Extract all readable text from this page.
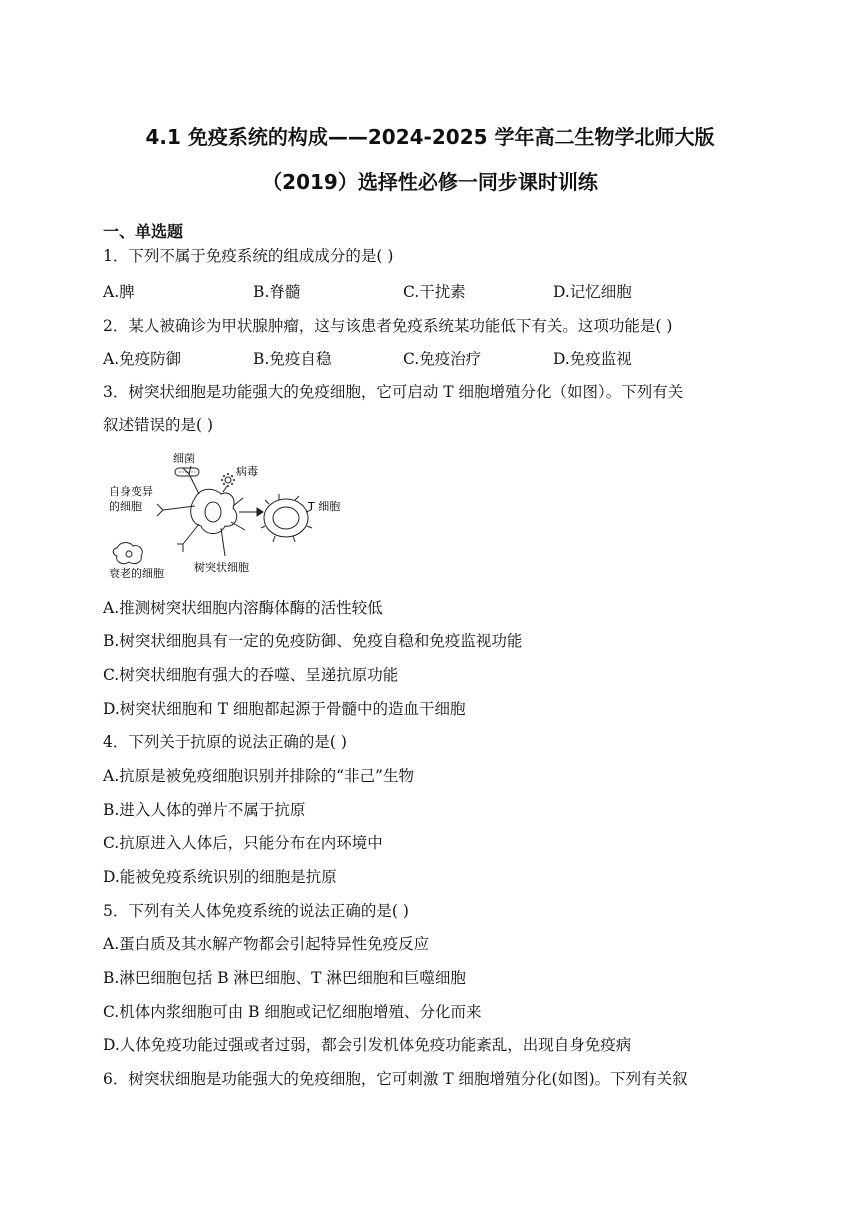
4.1 免疫系统的构成——2024-2025 学年高二生物学北师大版
（2019）选择性必修一同步课时训练
一、单选题
1．下列不属于免疫系统的组成成分的是( )
A.脾	B.脊髓	C.干扰素	D.记忆细胞
2．某人被确诊为甲状腺肿瘤，这与该患者免疫系统某功能低下有关。这项功能是( )
A.免疫防御	B.免疫自稳	C.免疫治疗	D.免疫监视
3．树突状细胞是功能强大的免疫细胞，它可启动 T 细胞增殖分化（如图）。下列有关
叙述错误的是( )
细菌
病毒
自身变异
的细胞	T 细胞
衰老的细胞	树突状细胞
A.推测树突状细胞内溶酶体酶的活性较低
B.树突状细胞具有一定的免疫防御、免疫自稳和免疫监视功能
C.树突状细胞有强大的吞噬、呈递抗原功能
D.树突状细胞和 T 细胞都起源于骨髓中的造血干细胞
4．下列关于抗原的说法正确的是( )
A.抗原是被免疫细胞识别并排除的“非己”生物
B.进入人体的弹片不属于抗原
C.抗原进入人体后，只能分布在内环境中
D.能被免疫系统识别的细胞是抗原
5．下列有关人体免疫系统的说法正确的是( )
A.蛋白质及其水解产物都会引起特异性免疫反应
B.淋巴细胞包括 B 淋巴细胞、T 淋巴细胞和巨噬细胞
C.机体内浆细胞可由 B 细胞或记忆细胞增殖、分化而来
D.人体免疫功能过强或者过弱，都会引发机体免疫功能紊乱，出现自身免疫病
6．树突状细胞是功能强大的免疫细胞，它可刺激 T 细胞增殖分化(如图)。下列有关叙
